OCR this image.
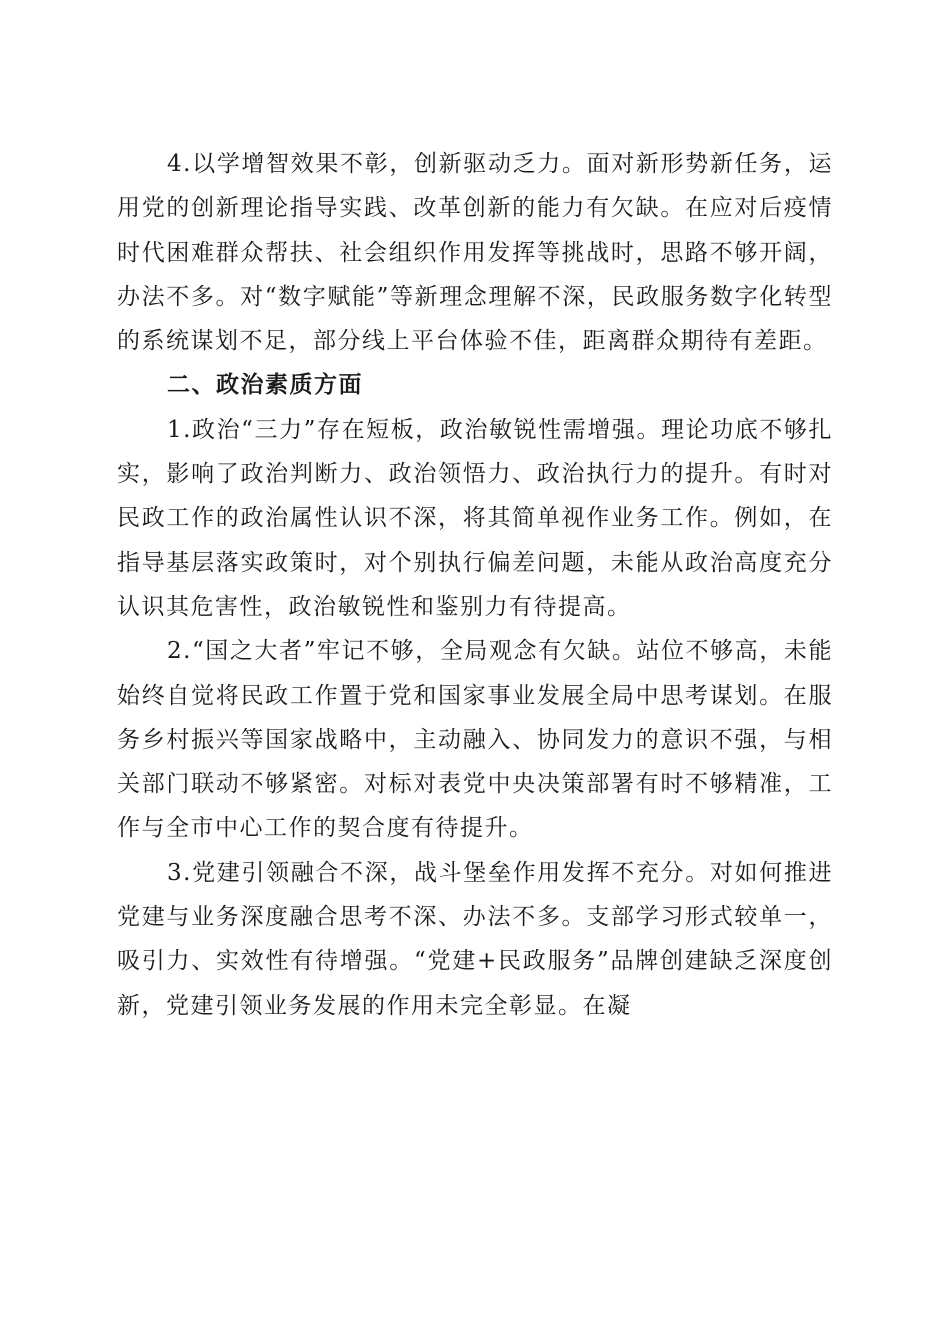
4.以学增智效果不彰，创新驱动乏力。面对新形势新任务，运用党的创新理论指导实践、改革创新的能力有欠缺。在应对后疫情时代困难群众帮扶、社会组织作用发挥等挑战时，思路不够开阔，办法不多。对“数字赋能”等新理念理解不深，民政服务数字化转型的系统谋划不足，部分线上平台体验不佳，距离群众期待有差距。

二、政治素质方面

1.政治“三力”存在短板，政治敏锐性需增强。理论功底不够扎实，影响了政治判断力、政治领悟力、政治执行力的提升。有时对民政工作的政治属性认识不深，将其简单视作业务工作。例如，在指导基层落实政策时，对个别执行偏差问题，未能从政治高度充分认识其危害性，政治敏锐性和鉴别力有待提高。

2.“国之大者”牢记不够，全局观念有欠缺。站位不够高，未能始终自觉将民政工作置于党和国家事业发展全局中思考谋划。在服务乡村振兴等国家战略中，主动融入、协同发力的意识不强，与相关部门联动不够紧密。对标对表党中央决策部署有时不够精准，工作与全市中心工作的契合度有待提升。

3.党建引领融合不深，战斗堡垒作用发挥不充分。对如何推进党建与业务深度融合思考不深、办法不多。支部学习形式较单一，吸引力、实效性有待增强。“党建+民政服务”品牌创建缺乏深度创新，党建引领业务发展的作用未完全彰显。在凝
